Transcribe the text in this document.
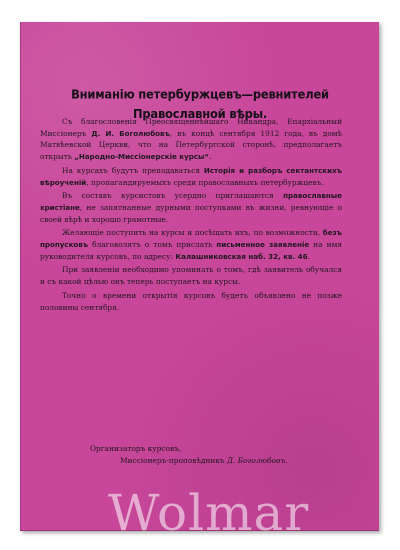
Вниманію петербуржцевъ—ревнителей
Православной вѣры.

Съ благословенія Преосвященнѣйшаго Никандра, Епархіальный Миссіонеръ Д. И. Боголюбовъ, въ концѣ сентября 1912 года, въ домѣ Матвѣевской Церкви, что на Петербургской сторонѣ, предполагаетъ открыть „Народно-Миссіонерскіе курсы“.

На курсахъ будутъ преподаваться Исторія и разборъ сектантскихъ вѣроученій, пропагандируемыхъ среди православныхъ петербуржцевъ.

Въ составъ курсистовъ усердно приглашаются православные христіане, не запятнанные дурными поступками въ жизни, ревнующіе о своей вѣрѣ и хорошо грамотные.

Желающіе поступить на курсы и посѣщать ихъ, по возможности, безъ пропусковъ благоволятъ о томъ прислать письменное заявленіе на имя руководителя курсовъ, по адресу: Калашниковская наб. 32, кв. 46.

При заявленіи необходимо упоминать о томъ, гдѣ заявитель обучался и съ какой цѣлью онъ теперь поступаетъ на курсы.

Точно о времени открытія курсовъ будетъ объявлено не позже половины сентября.

Организаторъ курсовъ,
Миссіонеръ-проповѣдникъ Д. Боголюбовъ.
Wolmar
